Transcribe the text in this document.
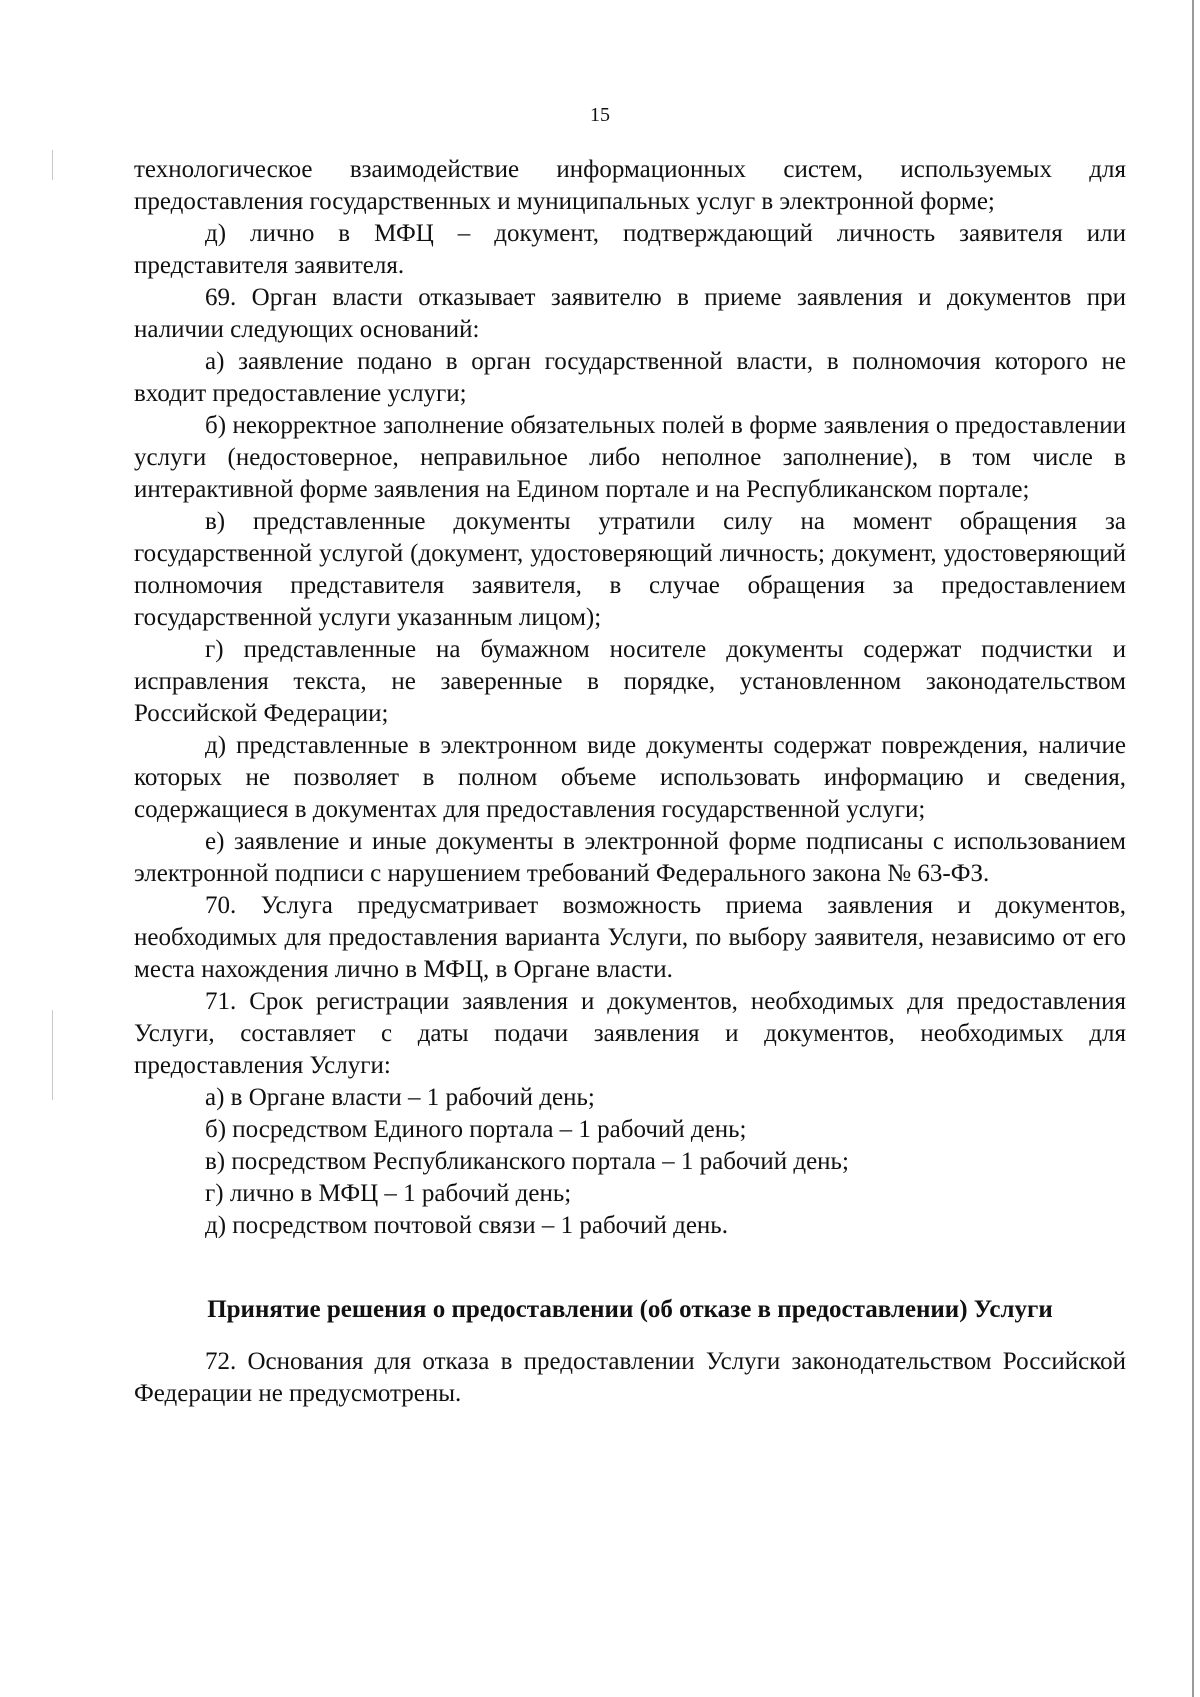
15

технологическое взаимодействие информационных систем, используемых для предоставления государственных и муниципальных услуг в электронной форме;

д) лично в МФЦ – документ, подтверждающий личность заявителя или представителя заявителя.

69. Орган власти отказывает заявителю в приеме заявления и документов при наличии следующих оснований:

а) заявление подано в орган государственной власти, в полномочия которого не входит предоставление услуги;

б) некорректное заполнение обязательных полей в форме заявления о предоставлении услуги (недостоверное, неправильное либо неполное заполнение), в том числе в интерактивной форме заявления на Едином портале и на Республиканском портале;

в) представленные документы утратили силу на момент обращения за государственной услугой (документ, удостоверяющий личность; документ, удостоверяющий полномочия представителя заявителя, в случае обращения за предоставлением государственной услуги указанным лицом);

г) представленные на бумажном носителе документы содержат подчистки и исправления текста, не заверенные в порядке, установленном законодательством Российской Федерации;

д) представленные в электронном виде документы содержат повреждения, наличие которых не позволяет в полном объеме использовать информацию и сведения, содержащиеся в документах для предоставления государственной услуги;

е) заявление и иные документы в электронной форме подписаны с использованием электронной подписи с нарушением требований Федерального закона № 63-ФЗ.

70. Услуга предусматривает возможность приема заявления и документов, необходимых для предоставления варианта Услуги, по выбору заявителя, независимо от его места нахождения лично в МФЦ, в Органе власти.

71. Срок регистрации заявления и документов, необходимых для предоставления Услуги, составляет с даты подачи заявления и документов, необходимых для предоставления Услуги:

а) в Органе власти – 1 рабочий день;

б) посредством Единого портала – 1 рабочий день;

в) посредством Республиканского портала – 1 рабочий день;

г) лично в МФЦ – 1 рабочий день;

д) посредством почтовой связи – 1 рабочий день.

Принятие решения о предоставлении (об отказе в предоставлении) Услуги

72. Основания для отказа в предоставлении Услуги законодательством Российской Федерации не предусмотрены.
